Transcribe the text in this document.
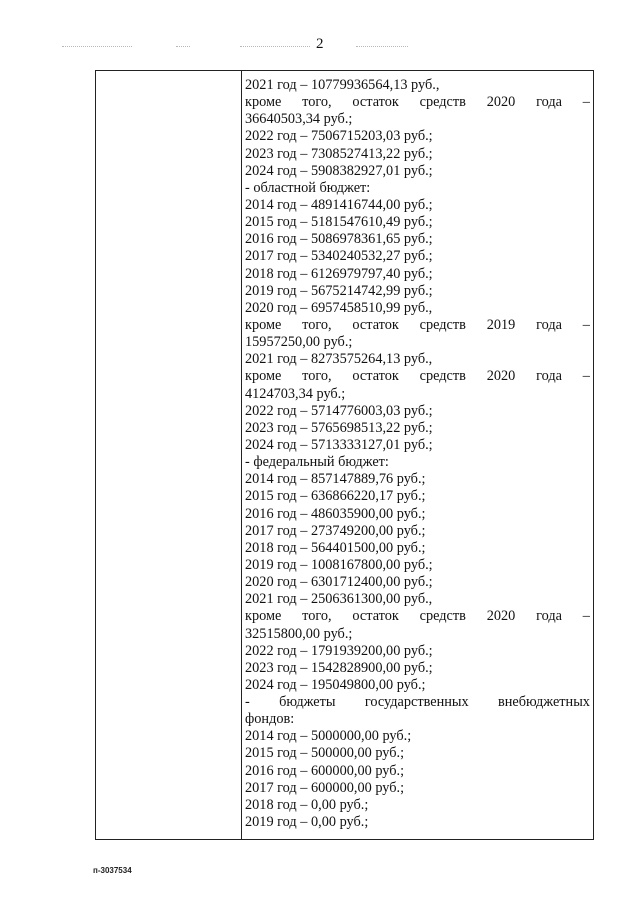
2
2021 год – 10779936564,13 руб.,
кроме того, остаток средств 2020 года –
36640503,34 руб.;
2022 год – 7506715203,03 руб.;
2023 год – 7308527413,22 руб.;
2024 год – 5908382927,01 руб.;
- областной бюджет:
2014 год – 4891416744,00 руб.;
2015 год – 5181547610,49 руб.;
2016 год – 5086978361,65 руб.;
2017 год – 5340240532,27 руб.;
2018 год – 6126979797,40 руб.;
2019 год – 5675214742,99 руб.;
2020 год – 6957458510,99 руб.,
кроме того, остаток средств 2019 года –
15957250,00 руб.;
2021 год – 8273575264,13 руб.,
кроме того, остаток средств 2020 года –
4124703,34 руб.;
2022 год – 5714776003,03 руб.;
2023 год – 5765698513,22 руб.;
2024 год – 5713333127,01 руб.;
- федеральный бюджет:
2014 год – 857147889,76 руб.;
2015 год – 636866220,17 руб.;
2016 год – 486035900,00 руб.;
2017 год – 273749200,00 руб.;
2018 год – 564401500,00 руб.;
2019 год – 1008167800,00 руб.;
2020 год – 6301712400,00 руб.;
2021 год – 2506361300,00 руб.,
кроме того, остаток средств 2020 года –
32515800,00 руб.;
2022 год – 1791939200,00 руб.;
2023 год – 1542828900,00 руб.;
2024 год – 195049800,00 руб.;
- бюджеты государственных внебюджетных
фондов:
2014 год – 5000000,00 руб.;
2015 год – 500000,00 руб.;
2016 год – 600000,00 руб.;
2017 год – 600000,00 руб.;
2018 год – 0,00 руб.;
2019 год – 0,00 руб.;
п-3037534
